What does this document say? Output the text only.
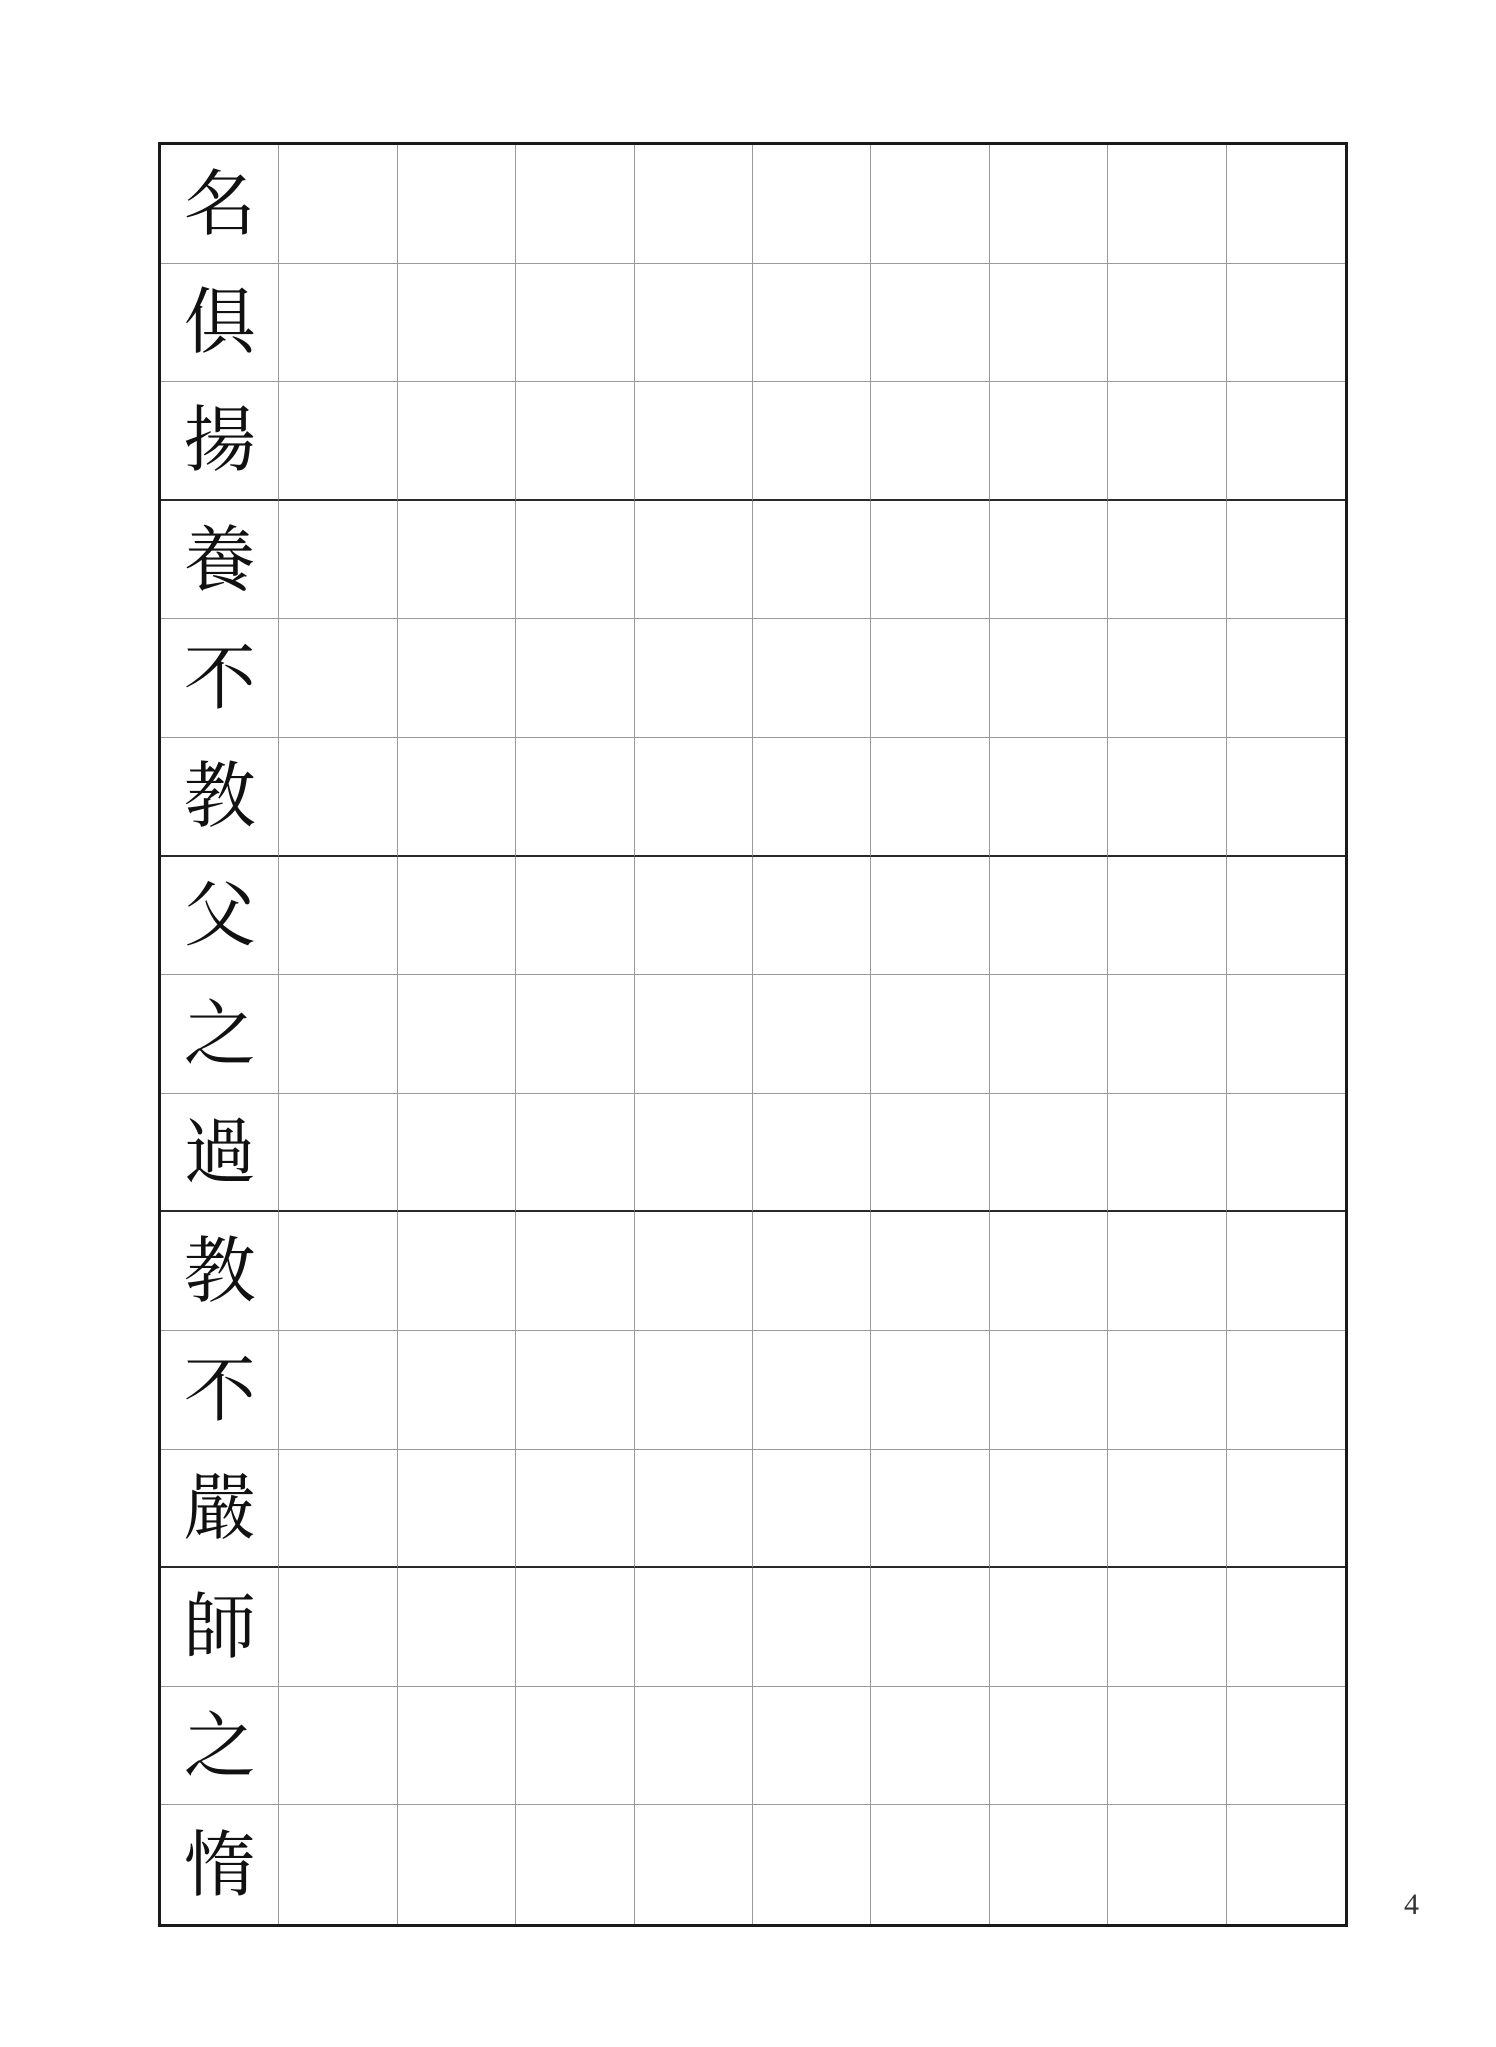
名
俱
揚
養
不
教
父
之
過
教
不
嚴
師
之
惰	4
